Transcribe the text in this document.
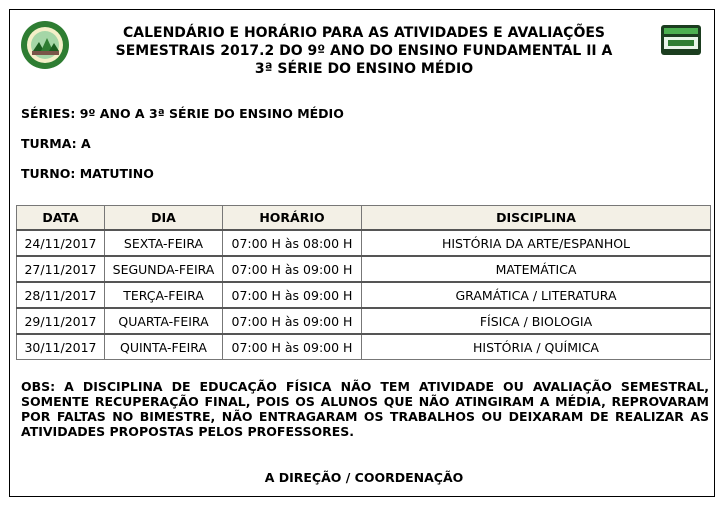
CALENDÁRIO E HORÁRIO PARA AS ATIVIDADES E AVALIAÇÕES
SEMESTRAIS 2017.2 DO 9º ANO DO ENSINO FUNDAMENTAL II A
3ª SÉRIE DO ENSINO MÉDIO
SÉRIES: 9º ANO A 3ª SÉRIE DO ENSINO MÉDIO
TURMA: A
TURNO: MATUTINO
DATA	DIA	HORÁRIO	DISCIPLINA
24/11/2017	SEXTA-FEIRA	07:00 H às 08:00 H	HISTÓRIA DA ARTE/ESPANHOL
27/11/2017	SEGUNDA-FEIRA	07:00 H às 09:00 H	MATEMÁTICA
28/11/2017	TERÇA-FEIRA	07:00 H às 09:00 H	GRAMÁTICA / LITERATURA
29/11/2017	QUARTA-FEIRA	07:00 H às 09:00 H	FÍSICA / BIOLOGIA
30/11/2017	QUINTA-FEIRA	07:00 H às 09:00 H	HISTÓRIA / QUÍMICA
OBS: A DISCIPLINA DE EDUCAÇÃO FÍSICA NÃO TEM ATIVIDADE OU AVALIAÇÃO SEMESTRAL, SOMENTE RECUPERAÇÃO FINAL, POIS OS ALUNOS QUE NÃO ATINGIRAM A MÉDIA, REPROVARAM POR FALTAS NO BIMESTRE, NÃO ENTRAGARAM OS TRABALHOS OU DEIXARAM DE REALIZAR AS ATIVIDADES PROPOSTAS PELOS PROFESSORES.
A DIREÇÃO / COORDENAÇÃO
